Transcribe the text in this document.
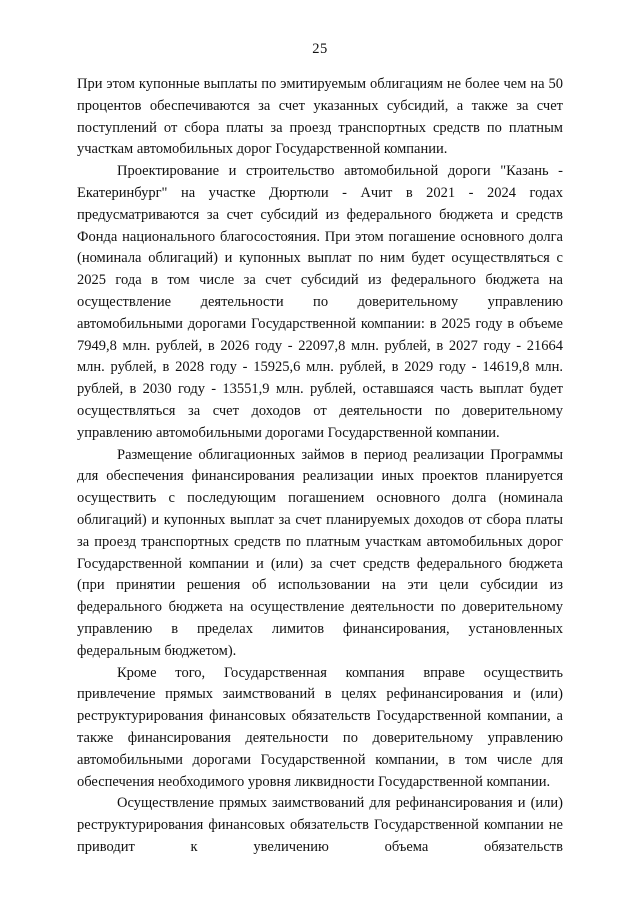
25

При этом купонные выплаты по эмитируемым облигациям не более чем на 50 процентов обеспечиваются за счет указанных субсидий, а также за счет поступлений от сбора платы за проезд транспортных средств по платным участкам автомобильных дорог Государственной компании.

Проектирование и строительство автомобильной дороги "Казань - Екатеринбург" на участке Дюртюли - Ачит в 2021 - 2024 годах предусматриваются за счет субсидий из федерального бюджета и средств Фонда национального благосостояния. При этом погашение основного долга (номинала облигаций) и купонных выплат по ним будет осуществляться с 2025 года в том числе за счет субсидий из федерального бюджета на осуществление деятельности по доверительному управлению автомобильными дорогами Государственной компании: в 2025 году в объеме 7949,8 млн. рублей, в 2026 году - 22097,8 млн. рублей, в 2027 году - 21664 млн. рублей, в 2028 году - 15925,6 млн. рублей, в 2029 году - 14619,8 млн. рублей, в 2030 году - 13551,9 млн. рублей, оставшаяся часть выплат будет осуществляться за счет доходов от деятельности по доверительному управлению автомобильными дорогами Государственной компании.

Размещение облигационных займов в период реализации Программы для обеспечения финансирования реализации иных проектов планируется осуществить с последующим погашением основного долга (номинала облигаций) и купонных выплат за счет планируемых доходов от сбора платы за проезд транспортных средств по платным участкам автомобильных дорог Государственной компании и (или) за счет средств федерального бюджета (при принятии решения об использовании на эти цели субсидии из федерального бюджета на осуществление деятельности по доверительному управлению в пределах лимитов финансирования, установленных федеральным бюджетом).

Кроме того, Государственная компания вправе осуществить привлечение прямых заимствований в целях рефинансирования и (или) реструктурирования финансовых обязательств Государственной компании, а также финансирования деятельности по доверительному управлению автомобильными дорогами Государственной компании, в том числе для обеспечения необходимого уровня ликвидности Государственной компании.

Осуществление прямых заимствований для рефинансирования и (или) реструктурирования финансовых обязательств Государственной компании не приводит к увеличению объема обязательств
